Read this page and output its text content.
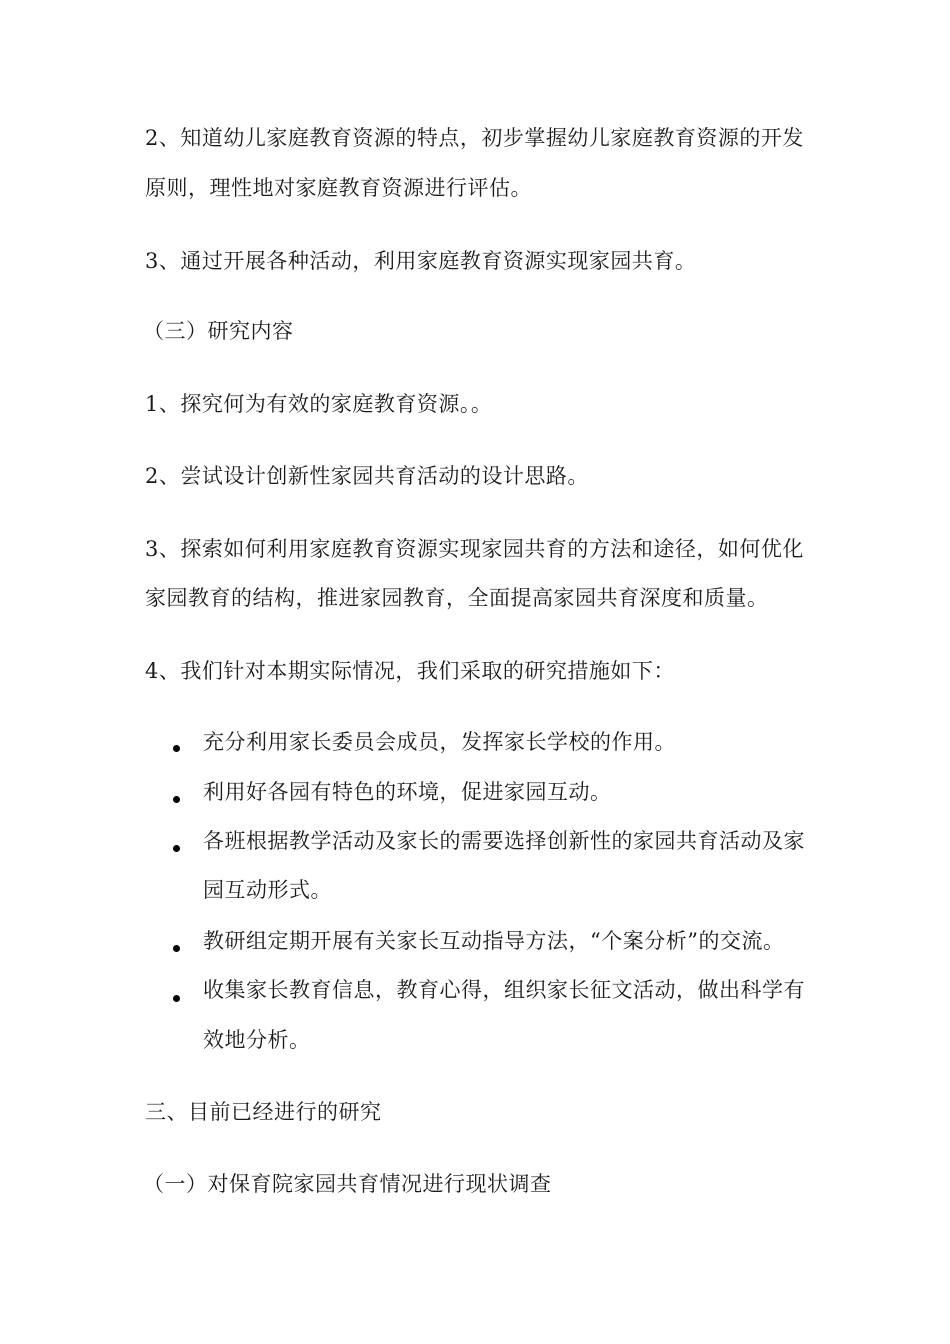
2、知道幼儿家庭教育资源的特点，初步掌握幼儿家庭教育资源的开发
原则，理性地对家庭教育资源进行评估。
3、通过开展各种活动，利用家庭教育资源实现家园共育。
（三）研究内容
1、探究何为有效的家庭教育资源。。
2、尝试设计创新性家园共育活动的设计思路。
3、探索如何利用家庭教育资源实现家园共育的方法和途径，如何优化
家园教育的结构，推进家园教育，全面提高家园共育深度和质量。
4、我们针对本期实际情况，我们采取的研究措施如下：
充分利用家长委员会成员，发挥家长学校的作用。
利用好各园有特色的环境，促进家园互动。
各班根据教学活动及家长的需要选择创新性的家园共育活动及家
园互动形式。
教研组定期开展有关家长互动指导方法，“个案分析”的交流。
收集家长教育信息，教育心得，组织家长征文活动，做出科学有
效地分析。
三、目前已经进行的研究
（一）对保育院家园共育情况进行现状调查
